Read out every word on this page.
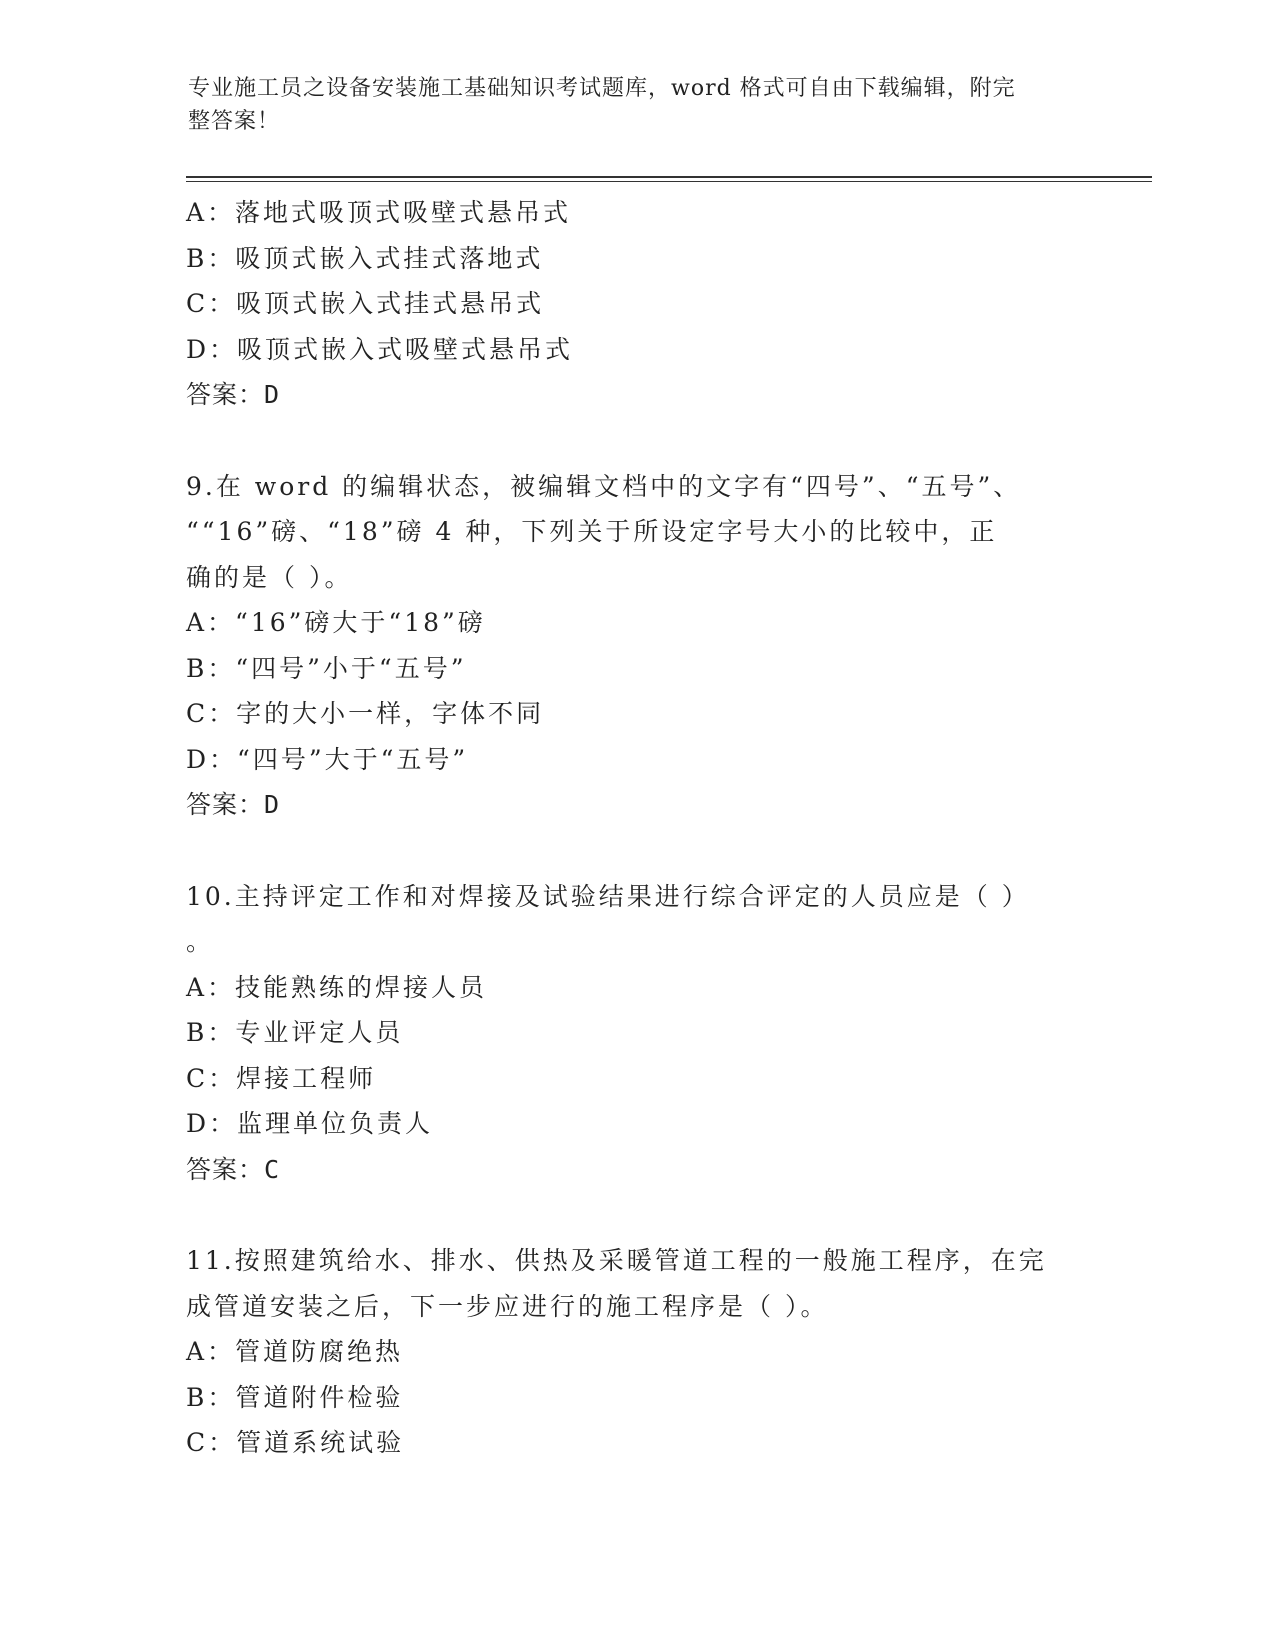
专业施工员之设备安装施工基础知识考试题库，word 格式可自由下载编辑，附完
整答案！
A：落地式吸顶式吸壁式悬吊式
B：吸顶式嵌入式挂式落地式
C：吸顶式嵌入式挂式悬吊式
D：吸顶式嵌入式吸壁式悬吊式
答案：D
9.在 word 的编辑状态，被编辑文档中的文字有“四号”、“五号”、
““16”磅、“18”磅 4 种，下列关于所设定字号大小的比较中，正
确的是（ ）。
A：“16”磅大于“18”磅
B：“四号”小于“五号”
C：字的大小一样，字体不同
D：“四号”大于“五号”
答案：D
10.主持评定工作和对焊接及试验结果进行综合评定的人员应是（ ）
。
A：技能熟练的焊接人员
B：专业评定人员
C：焊接工程师
D：监理单位负责人
答案：C
11.按照建筑给水、排水、供热及采暖管道工程的一般施工程序，在完
成管道安装之后，下一步应进行的施工程序是（ ）。
A：管道防腐绝热
B：管道附件检验
C：管道系统试验
